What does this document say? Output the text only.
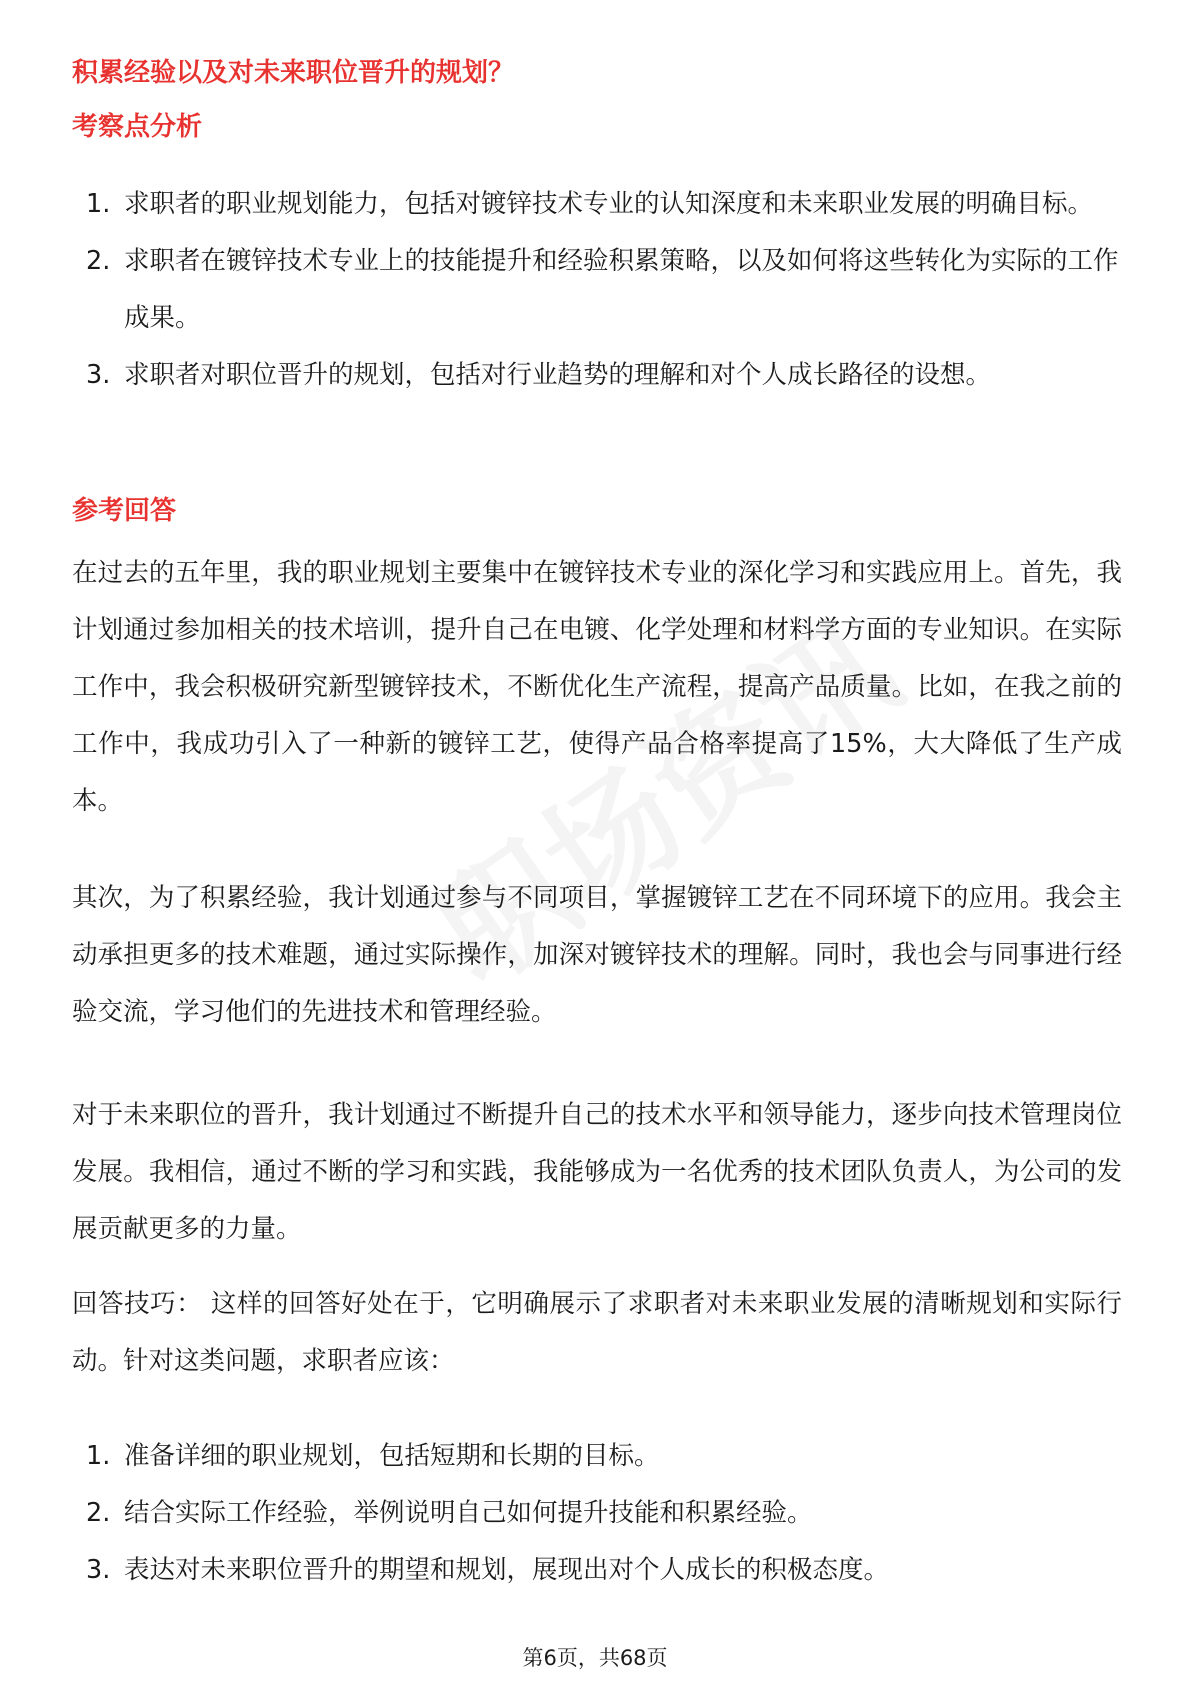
积累经验以及对未来职位晋升的规划？
考察点分析
1. 求职者的职业规划能力，包括对镀锌技术专业的认知深度和未来职业发展的明确目标。
2. 求职者在镀锌技术专业上的技能提升和经验积累策略，以及如何将这些转化为实际的工作成果。
3. 求职者对职位晋升的规划，包括对行业趋势的理解和对个人成长路径的设想。
参考回答

在过去的五年里，我的职业规划主要集中在镀锌技术专业的深化学习和实践应用上。首先，我计划通过参加相关的技术培训，提升自己在电镀、化学处理和材料学方面的专业知识。在实际工作中，我会积极研究新型镀锌技术，不断优化生产流程，提高产品质量。比如，在我之前的工作中，我成功引入了一种新的镀锌工艺，使得产品合格率提高了15%，大大降低了生产成本。

其次，为了积累经验，我计划通过参与不同项目，掌握镀锌工艺在不同环境下的应用。我会主动承担更多的技术难题，通过实际操作，加深对镀锌技术的理解。同时，我也会与同事进行经验交流，学习他们的先进技术和管理经验。

对于未来职位的晋升，我计划通过不断提升自己的技术水平和领导能力，逐步向技术管理岗位发展。我相信，通过不断的学习和实践，我能够成为一名优秀的技术团队负责人，为公司的发展贡献更多的力量。

回答技巧： 这样的回答好处在于，它明确展示了求职者对未来职业发展的清晰规划和实际行动。针对这类问题，求职者应该：

1. 准备详细的职业规划，包括短期和长期的目标。
2. 结合实际工作经验，举例说明自己如何提升技能和积累经验。
3. 表达对未来职位晋升的期望和规划，展现出对个人成长的积极态度。
第6页，共68页
